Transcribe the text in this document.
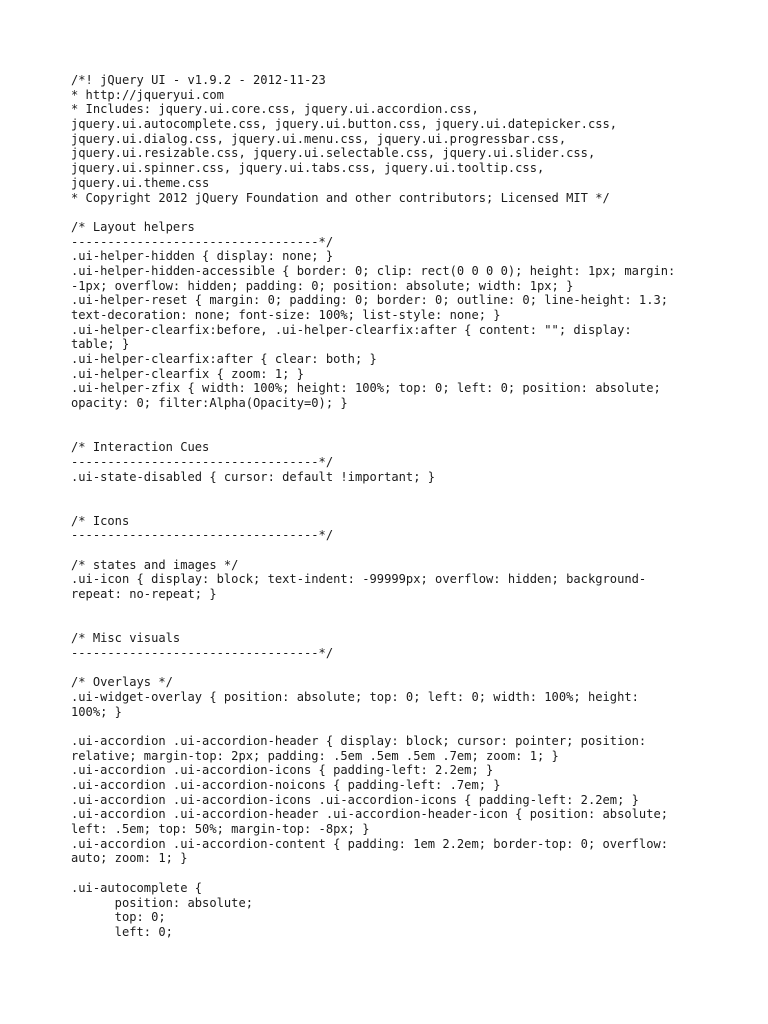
/*! jQuery UI - v1.9.2 - 2012-11-23
* http://jqueryui.com
* Includes: jquery.ui.core.css, jquery.ui.accordion.css,
jquery.ui.autocomplete.css, jquery.ui.button.css, jquery.ui.datepicker.css,
jquery.ui.dialog.css, jquery.ui.menu.css, jquery.ui.progressbar.css,
jquery.ui.resizable.css, jquery.ui.selectable.css, jquery.ui.slider.css,
jquery.ui.spinner.css, jquery.ui.tabs.css, jquery.ui.tooltip.css,
jquery.ui.theme.css
* Copyright 2012 jQuery Foundation and other contributors; Licensed MIT */
/* Layout helpers
----------------------------------*/
.ui-helper-hidden { display: none; }
.ui-helper-hidden-accessible { border: 0; clip: rect(0 0 0 0); height: 1px; margin:
-1px; overflow: hidden; padding: 0; position: absolute; width: 1px; }
.ui-helper-reset { margin: 0; padding: 0; border: 0; outline: 0; line-height: 1.3;
text-decoration: none; font-size: 100%; list-style: none; }
.ui-helper-clearfix:before, .ui-helper-clearfix:after { content: ""; display:
table; }
.ui-helper-clearfix:after { clear: both; }
.ui-helper-clearfix { zoom: 1; }
.ui-helper-zfix { width: 100%; height: 100%; top: 0; left: 0; position: absolute;
opacity: 0; filter:Alpha(Opacity=0); }
/* Interaction Cues
----------------------------------*/
.ui-state-disabled { cursor: default !important; }
/* Icons
----------------------------------*/
/* states and images */
.ui-icon { display: block; text-indent: -99999px; overflow: hidden; background-
repeat: no-repeat; }
/* Misc visuals
----------------------------------*/
/* Overlays */
.ui-widget-overlay { position: absolute; top: 0; left: 0; width: 100%; height:
100%; }
.ui-accordion .ui-accordion-header { display: block; cursor: pointer; position:
relative; margin-top: 2px; padding: .5em .5em .5em .7em; zoom: 1; }
.ui-accordion .ui-accordion-icons { padding-left: 2.2em; }
.ui-accordion .ui-accordion-noicons { padding-left: .7em; }
.ui-accordion .ui-accordion-icons .ui-accordion-icons { padding-left: 2.2em; }
.ui-accordion .ui-accordion-header .ui-accordion-header-icon { position: absolute;
left: .5em; top: 50%; margin-top: -8px; }
.ui-accordion .ui-accordion-content { padding: 1em 2.2em; border-top: 0; overflow:
auto; zoom: 1; }
.ui-autocomplete {
position: absolute;
top: 0;
left: 0;
